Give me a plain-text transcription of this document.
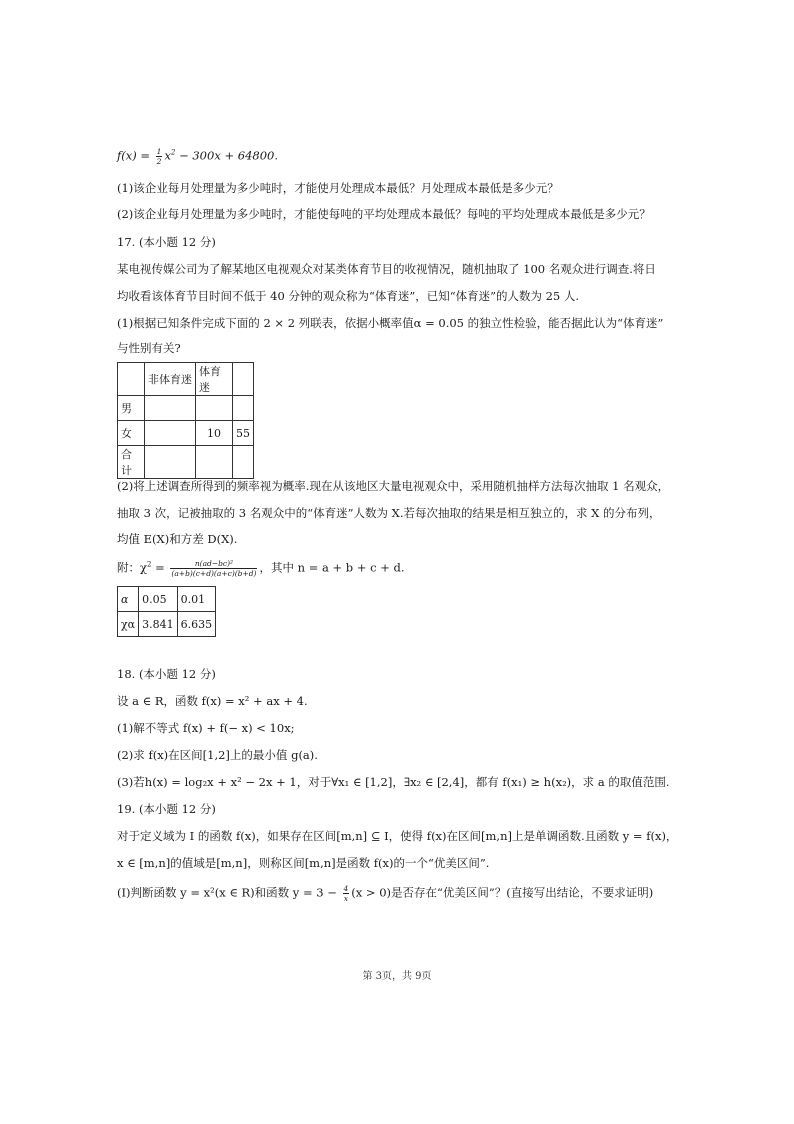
$f(x) = \frac{1}{2} x^2 - 300x + 64800$.
(1)该企业每月处理量为多少吨时，才能使月处理成本最低？月处理成本最低是多少元？
(2)该企业每月处理量为多少吨时，才能使每吨的平均处理成本最低？每吨的平均处理成本最低是多少元？
17. (本小题 12 分)
某电视传媒公司为了解某地区电视观众对某类体育节目的收视情况，随机抽取了 100 名观众进行调查.将日
均收看该体育节目时间不低于 40 分钟的观众称为“体育迷”，已知“体育迷”的人数为 25 人.
(1)根据已知条件完成下面的 2 × 2 列联表，依据小概率值α = 0.05 的独立性检验，能否据此认为“体育迷”
与性别有关?
	非体育迷	体育迷	
男			
女		10	55
合计			
(2)将上述调查所得到的频率视为概率.现在从该地区大量电视观众中，采用随机抽样方法每次抽取 1 名观众，
抽取 3 次，记被抽取的 3 名观众中的“体育迷”人数为 X.若每次抽取的结果是相互独立的，求 X 的分布列，
均值 E(X)和方差 D(X).
附：$\chi^2 = \frac{\text{n(ad−bc)²}}{(a+b)(c+d)(a+c)(b+d)}$ ，其中 n = a + b + c + d.
α	0.05	0.01
χα	3.841	6.635
18. (本小题 12 分)
设 a ∈ R，函数 f(x) = x² + ax + 4.
(1)解不等式 f(x) + f(− x) < 10x;
(2)求 f(x)在区间[1,2]上的最小值 g(a).
(3)若h(x) = log₂x + x² − 2x + 1，对于∀x₁ ∈ [1,2]，∃x₂ ∈ [2,4]，都有 f(x₁) ≥ h(x₂)，求 a 的取值范围.
19. (本小题 12 分)
对于定义域为 I 的函数 f(x)，如果存在区间[m,n] ⊆ I，使得 f(x)在区间[m,n]上是单调函数.且函数 y = f(x)，
x ∈ [m,n]的值域是[m,n]，则称区间[m,n]是函数 f(x)的一个“优美区间”.
(Ⅰ)判断函数 y = x²(x ∈ R)和函数 $y = 3 - \frac{4}{x} (x > 0)$是否存在“优美区间”？(直接写出结论，不要求证明)
第 3页，共 9页
